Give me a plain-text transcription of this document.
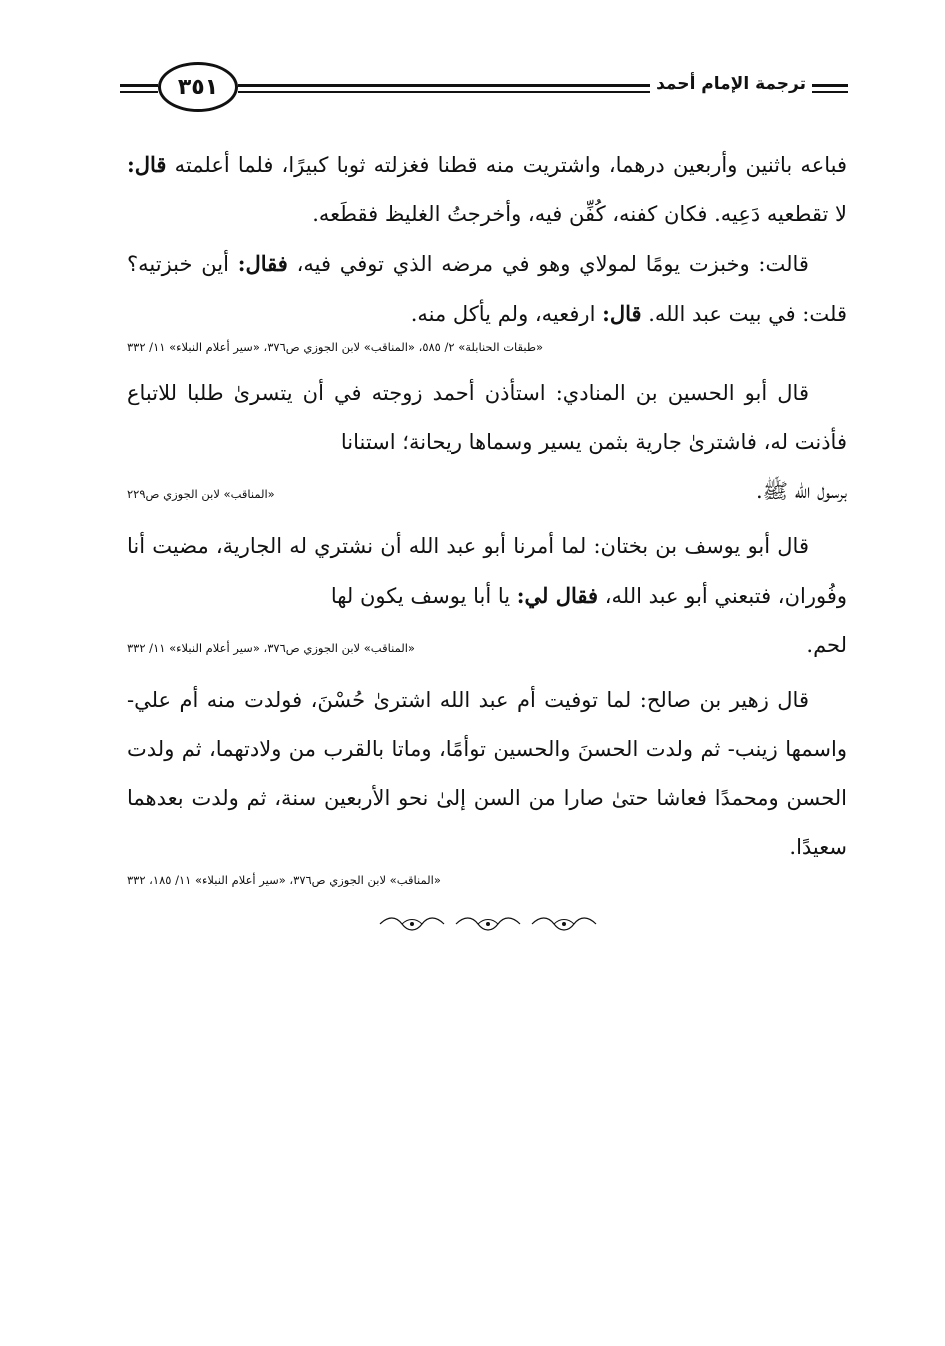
٣٥١	ترجمة الإمام أحمد

فباعه باثنين وأربعين درهما، واشتريت منه قطنا فغزلته ثوبا كبيرًا، فلما أعلمته قال: لا تقطعيه دَعِيه. فكان كفنه، كُفِّن فيه، وأخرجتُ الغليظ فقطَعه.

قالت: وخبزت يومًا لمولاي وهو في مرضه الذي توفي فيه، فقال: أين خبزتيه؟ قلت: في بيت عبد الله. قال: ارفعيه، ولم يأكل منه.

«طبقات الحنابلة» ٢/ ٥٨٥، «المناقب» لابن الجوزي ص٣٧٦، «سير أعلام النبلاء» ١١/ ٣٣٢

قال أبو الحسين بن المنادي: استأذن أحمد زوجته في أن يتسرىٰ طلبا للاتباع فأذنت له، فاشترىٰ جارية بثمن يسير وسماها ريحانة؛ استنانا

برسول الله ﷺ.
«المناقب» لابن الجوزي ص٢٢٩

قال أبو يوسف بن بختان: لما أمرنا أبو عبد الله أن نشتري له الجارية، مضيت أنا وفُوران، فتبعني أبو عبد الله، فقال لي: يا أبا يوسف يكون لها

لحم.
«المناقب» لابن الجوزي ص٣٧٦، «سير أعلام النبلاء» ١١/ ٣٣٢

قال زهير بن صالح: لما توفيت أم عبد الله اشترىٰ حُسْنَ، فولدت منه أم علي- واسمها زينب- ثم ولدت الحسنَ والحسين توأمًا، وماتا بالقرب من ولادتهما، ثم ولدت الحسن ومحمدًا فعاشا حتىٰ صارا من السن إلىٰ نحو الأربعين سنة، ثم ولدت بعدهما سعيدًا.

«المناقب» لابن الجوزي ص٣٧٦، «سير أعلام النبلاء» ١١/ ١٨٥، ٣٣٢
